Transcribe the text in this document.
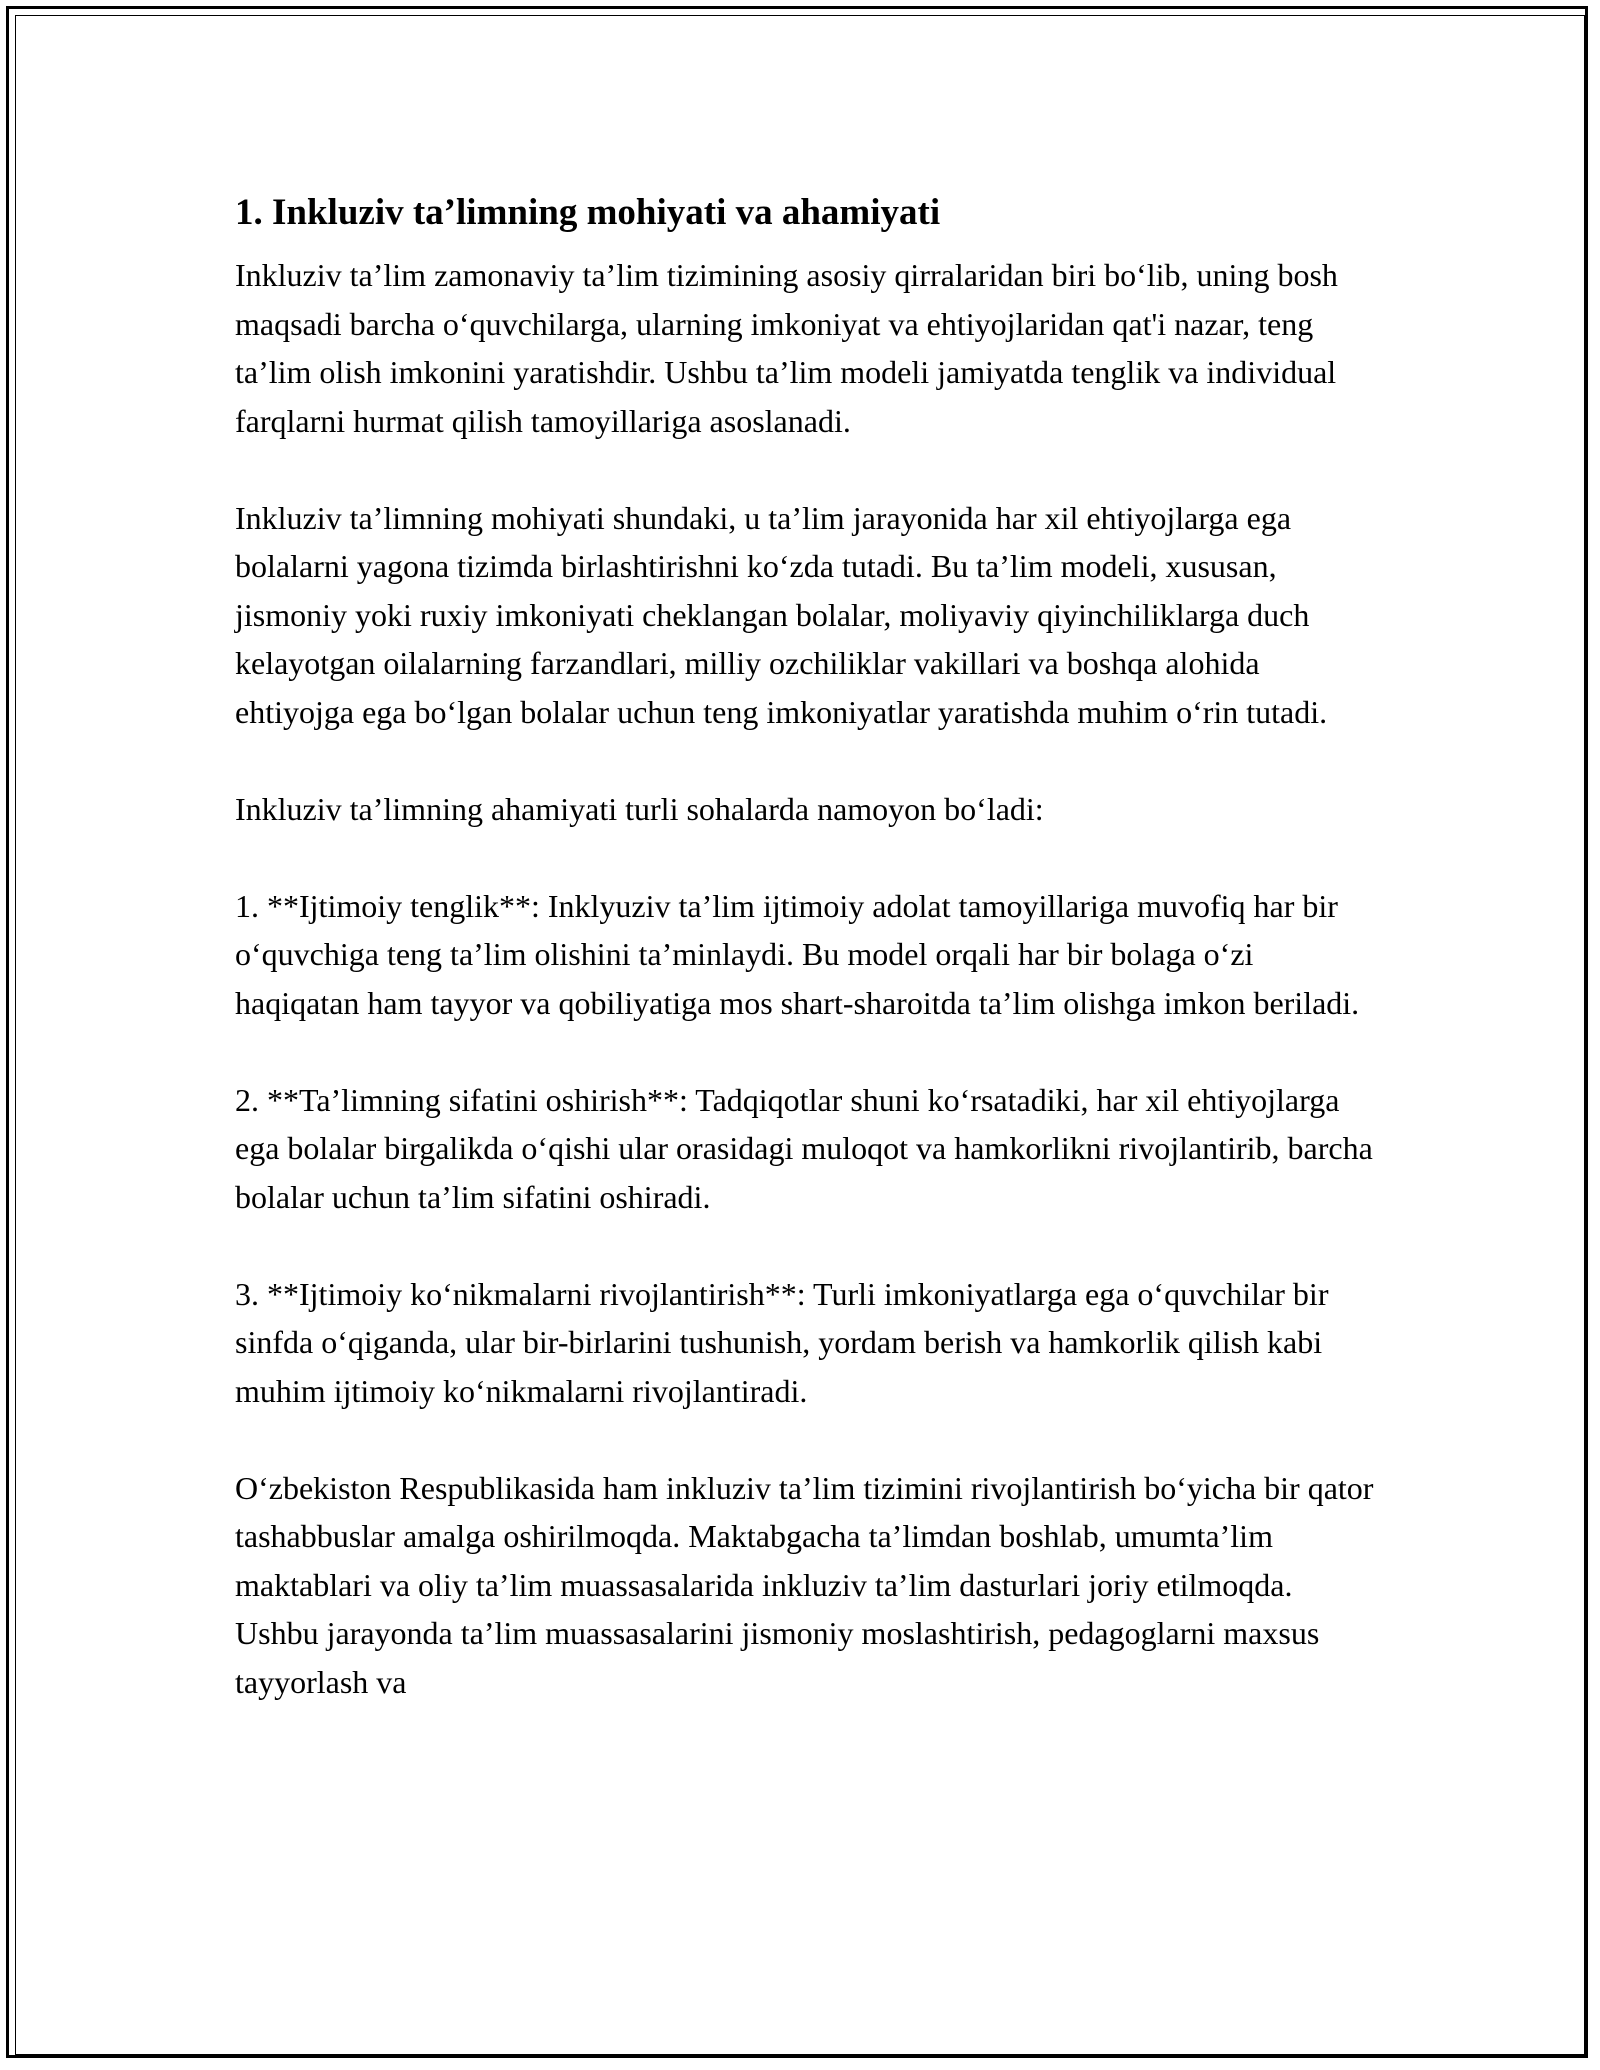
1. Inkluziv ta’limning mohiyati va ahamiyati

Inkluziv ta’lim zamonaviy ta’lim tizimining asosiy qirralaridan biri bo‘lib, uning bosh maqsadi barcha o‘quvchilarga, ularning imkoniyat va ehtiyojlaridan qat'i nazar, teng ta’lim olish imkonini yaratishdir. Ushbu ta’lim modeli jamiyatda tenglik va individual farqlarni hurmat qilish tamoyillariga asoslanadi.

Inkluziv ta’limning mohiyati shundaki, u ta’lim jarayonida har xil ehtiyojlarga ega bolalarni yagona tizimda birlashtirishni ko‘zda tutadi. Bu ta’lim modeli, xususan, jismoniy yoki ruxiy imkoniyati cheklangan bolalar, moliyaviy qiyinchiliklarga duch kelayotgan oilalarning farzandlari, milliy ozchiliklar vakillari va boshqa alohida ehtiyojga ega bo‘lgan bolalar uchun teng imkoniyatlar yaratishda muhim o‘rin tutadi.

Inkluziv ta’limning ahamiyati turli sohalarda namoyon bo‘ladi:

1. **Ijtimoiy tenglik**: Inklyuziv ta’lim ijtimoiy adolat tamoyillariga muvofiq har bir o‘quvchiga teng ta’lim olishini ta’minlaydi. Bu model orqali har bir bolaga o‘zi haqiqatan ham tayyor va qobiliyatiga mos shart-sharoitda ta’lim olishga imkon beriladi.

2. **Ta’limning sifatini oshirish**: Tadqiqotlar shuni ko‘rsatadiki, har xil ehtiyojlarga ega bolalar birgalikda o‘qishi ular orasidagi muloqot va hamkorlikni rivojlantirib, barcha bolalar uchun ta’lim sifatini oshiradi.

3. **Ijtimoiy ko‘nikmalarni rivojlantirish**: Turli imkoniyatlarga ega o‘quvchilar bir sinfda o‘qiganda, ular bir-birlarini tushunish, yordam berish va hamkorlik qilish kabi muhim ijtimoiy ko‘nikmalarni rivojlantiradi.

O‘zbekiston Respublikasida ham inkluziv ta’lim tizimini rivojlantirish bo‘yicha bir qator tashabbuslar amalga oshirilmoqda. Maktabgacha ta’limdan boshlab, umumta’lim maktablari va oliy ta’lim muassasalarida inkluziv ta’lim dasturlari joriy etilmoqda. Ushbu jarayonda ta’lim muassasalarini jismoniy moslashtirish, pedagoglarni maxsus tayyorlash va
